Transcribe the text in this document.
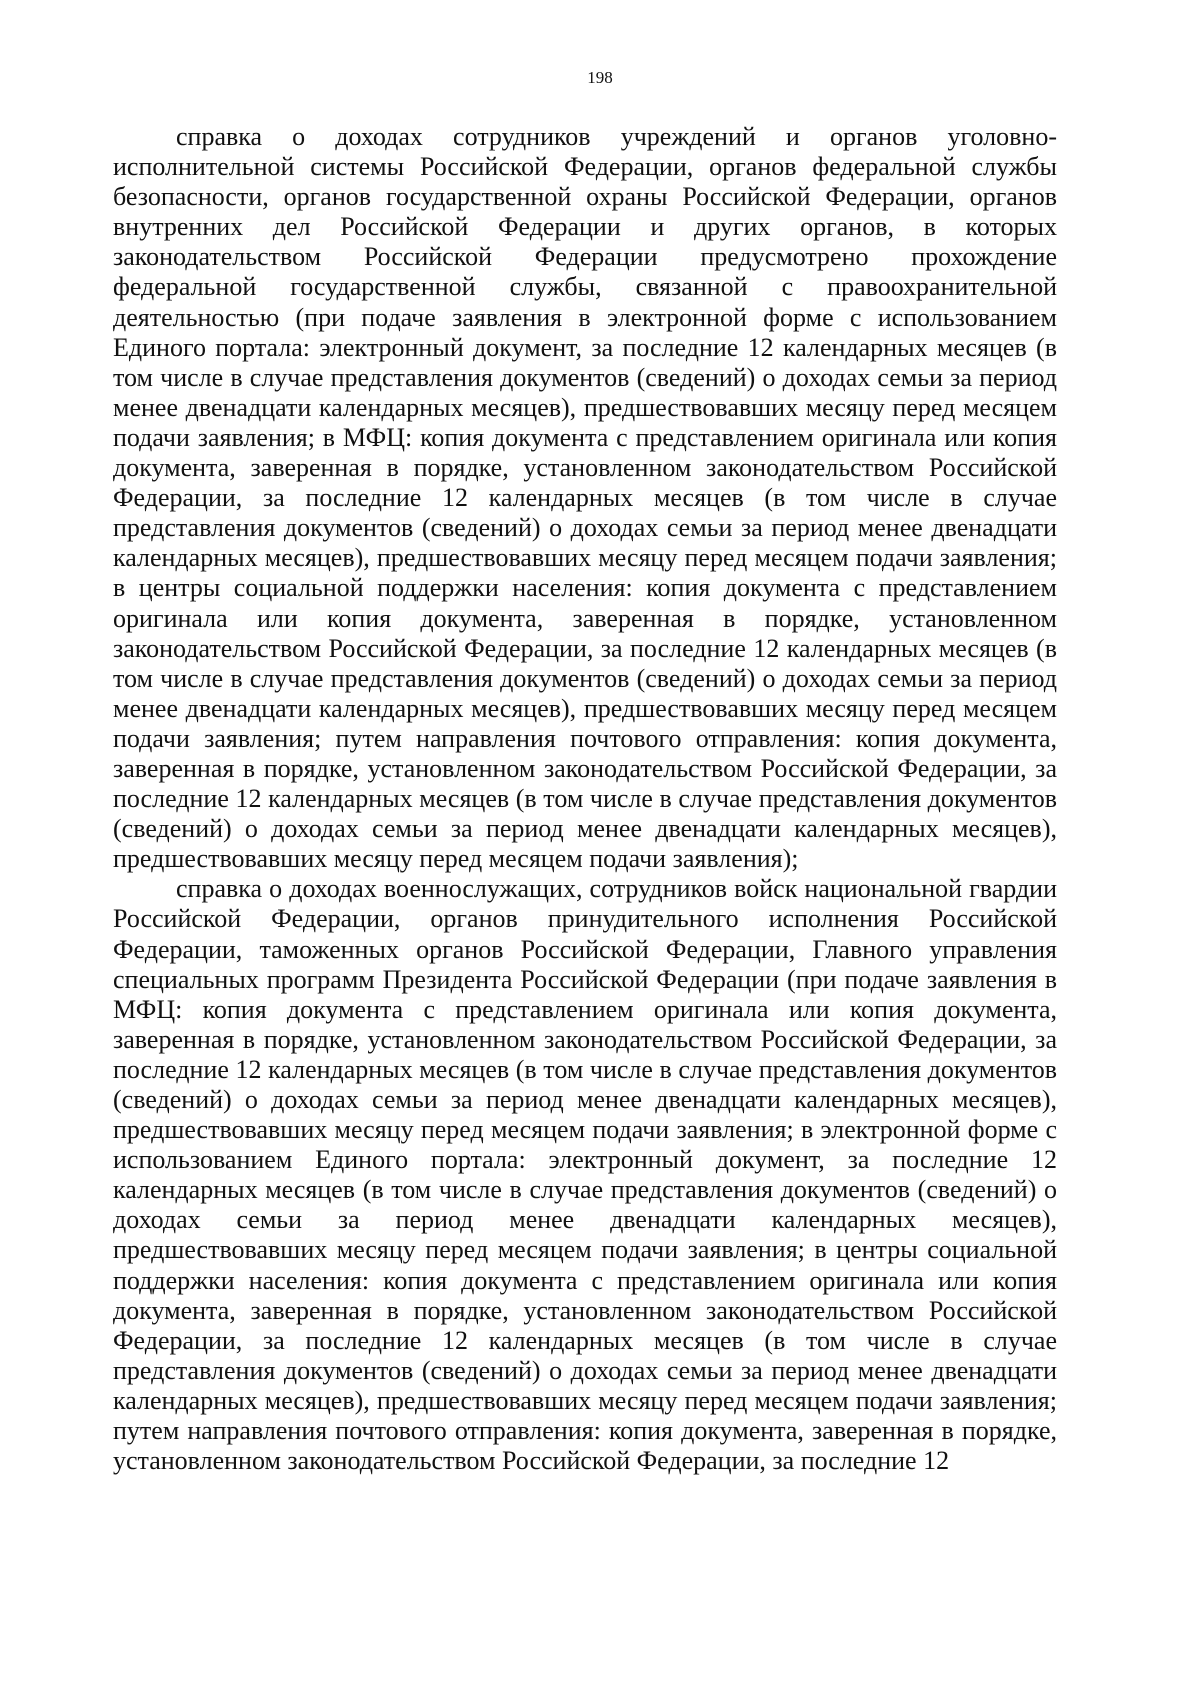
198

справка о доходах сотрудников учреждений и органов уголовно-исполнительной системы Российской Федерации, органов федеральной службы безопасности, органов государственной охраны Российской Федерации, органов внутренних дел Российской Федерации и других органов, в которых законодательством Российской Федерации предусмотрено прохождение федеральной государственной службы, связанной с правоохранительной деятельностью (при подаче заявления в электронной форме с использованием Единого портала: электронный документ, за последние 12 календарных месяцев (в том числе в случае представления документов (сведений) о доходах семьи за период менее двенадцати календарных месяцев), предшествовавших месяцу перед месяцем подачи заявления; в МФЦ: копия документа с представлением оригинала или копия документа, заверенная в порядке, установленном законодательством Российской Федерации, за последние 12 календарных месяцев (в том числе в случае представления документов (сведений) о доходах семьи за период менее двенадцати календарных месяцев), предшествовавших месяцу перед месяцем подачи заявления; в центры социальной поддержки населения: копия документа с представлением оригинала или копия документа, заверенная в порядке, установленном законодательством Российской Федерации, за последние 12 календарных месяцев (в том числе в случае представления документов (сведений) о доходах семьи за период менее двенадцати календарных месяцев), предшествовавших месяцу перед месяцем подачи заявления; путем направления почтового отправления: копия документа, заверенная в порядке, установленном законодательством Российской Федерации, за последние 12 календарных месяцев (в том числе в случае представления документов (сведений) о доходах семьи за период менее двенадцати календарных месяцев), предшествовавших месяцу перед месяцем подачи заявления);

справка о доходах военнослужащих, сотрудников войск национальной гвардии Российской Федерации, органов принудительного исполнения Российской Федерации, таможенных органов Российской Федерации, Главного управления специальных программ Президента Российской Федерации (при подаче заявления в МФЦ: копия документа с представлением оригинала или копия документа, заверенная в порядке, установленном законодательством Российской Федерации, за последние 12 календарных месяцев (в том числе в случае представления документов (сведений) о доходах семьи за период менее двенадцати календарных месяцев), предшествовавших месяцу перед месяцем подачи заявления; в электронной форме с использованием Единого портала: электронный документ, за последние 12 календарных месяцев (в том числе в случае представления документов (сведений) о доходах семьи за период менее двенадцати календарных месяцев), предшествовавших месяцу перед месяцем подачи заявления; в центры социальной поддержки населения: копия документа с представлением оригинала или копия документа, заверенная в порядке, установленном законодательством Российской Федерации, за последние 12 календарных месяцев (в том числе в случае представления документов (сведений) о доходах семьи за период менее двенадцати календарных месяцев), предшествовавших месяцу перед месяцем подачи заявления; путем направления почтового отправления: копия документа, заверенная в порядке, установленном законодательством Российской Федерации, за последние 12
